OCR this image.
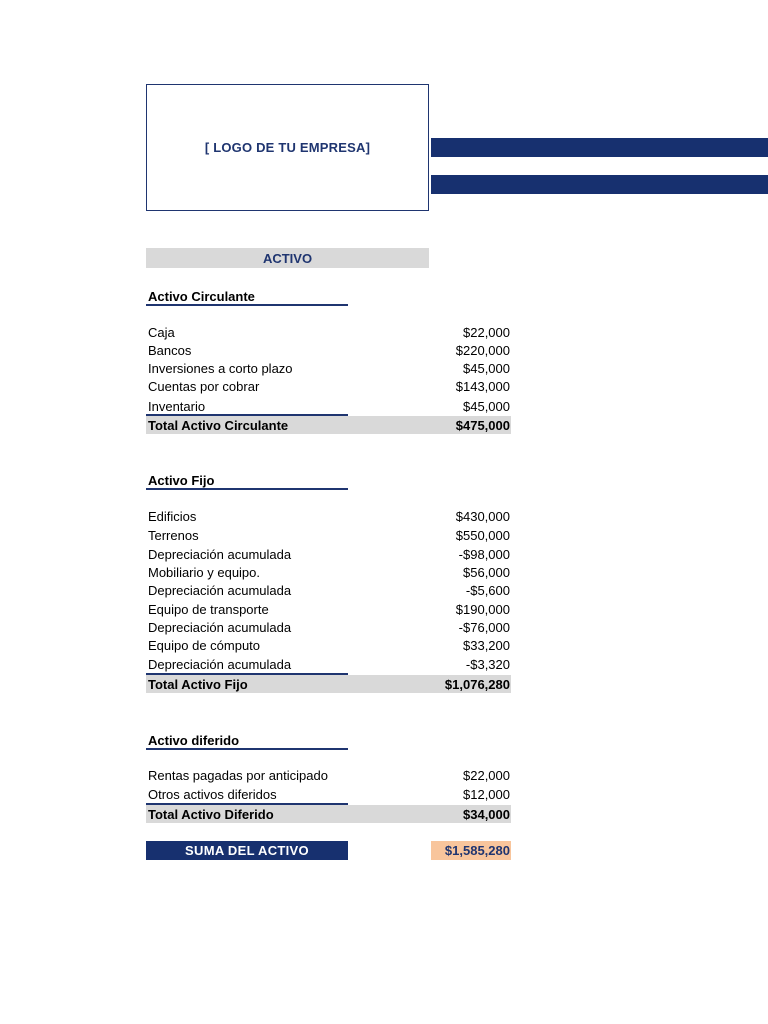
[ LOGO DE TU EMPRESA]
ACTIVO
Activo Circulante
Caja	$22,000
Bancos	$220,000
Inversiones a corto plazo	$45,000
Cuentas por cobrar	$143,000
Inventario	$45,000
Total Activo Circulante	$475,000
Activo Fijo
Edificios	$430,000
Terrenos	$550,000
Depreciación acumulada	-$98,000
Mobiliario y equipo.	$56,000
Depreciación acumulada	-$5,600
Equipo de transporte	$190,000
Depreciación acumulada	-$76,000
Equipo de cómputo	$33,200
Depreciación acumulada	-$3,320
Total Activo Fijo	$1,076,280
Activo diferido
Rentas pagadas por anticipado	$22,000
Otros activos diferidos	$12,000
Total Activo Diferido	$34,000
SUMA DEL ACTIVO	$1,585,280
